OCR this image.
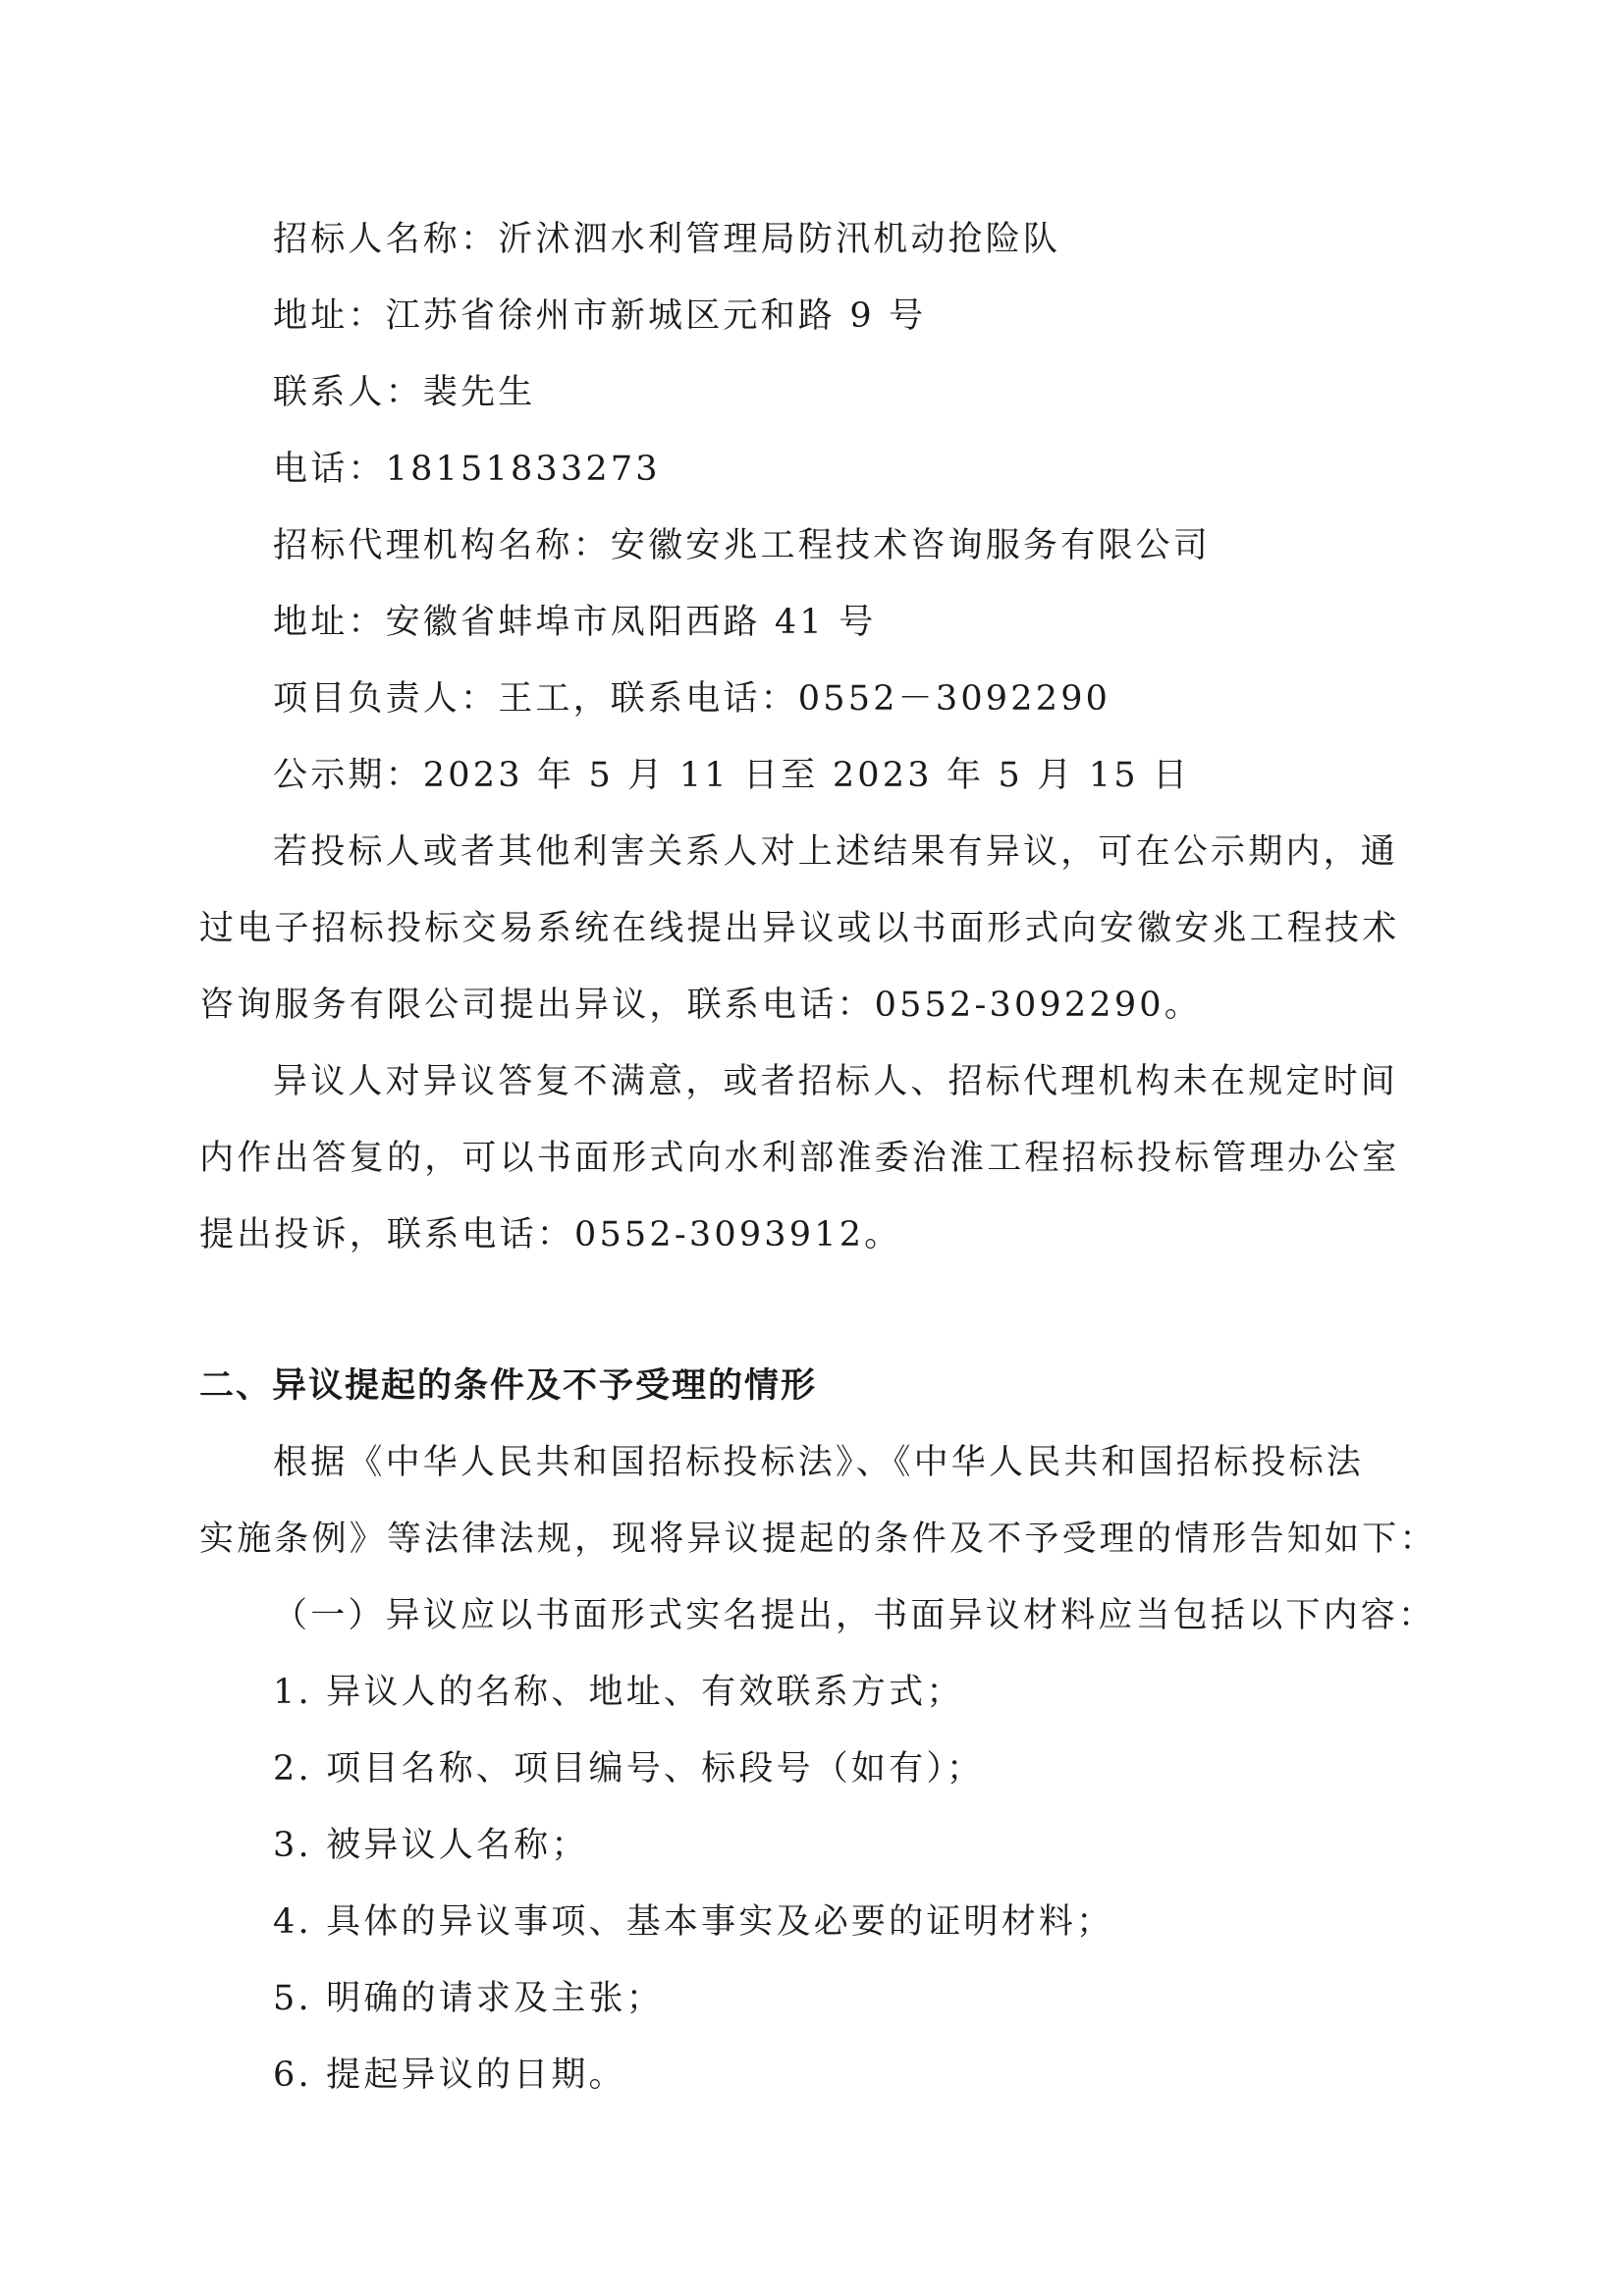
招标人名称：沂沭泗水利管理局防汛机动抢险队
地址：江苏省徐州市新城区元和路 9 号
联系人：裴先生
电话：18151833273
招标代理机构名称：安徽安兆工程技术咨询服务有限公司
地址：安徽省蚌埠市凤阳西路 41 号
项目负责人：王工，联系电话：0552－3092290
公示期：2023 年 5 月 11 日至 2023 年 5 月 15 日
若投标人或者其他利害关系人对上述结果有异议，可在公示期内，通
过电子招标投标交易系统在线提出异议或以书面形式向安徽安兆工程技术
咨询服务有限公司提出异议，联系电话：0552-3092290。
异议人对异议答复不满意，或者招标人、招标代理机构未在规定时间
内作出答复的，可以书面形式向水利部淮委治淮工程招标投标管理办公室
提出投诉，联系电话：0552-3093912。
二、异议提起的条件及不予受理的情形
根据《中华人民共和国招标投标法》、《中华人民共和国招标投标法
实施条例》等法律法规，现将异议提起的条件及不予受理的情形告知如下：
（一）异议应以书面形式实名提出，书面异议材料应当包括以下内容：
1. 异议人的名称、地址、有效联系方式；
2. 项目名称、项目编号、标段号（如有）；
3. 被异议人名称；
4. 具体的异议事项、基本事实及必要的证明材料；
5. 明确的请求及主张；
6. 提起异议的日期。
